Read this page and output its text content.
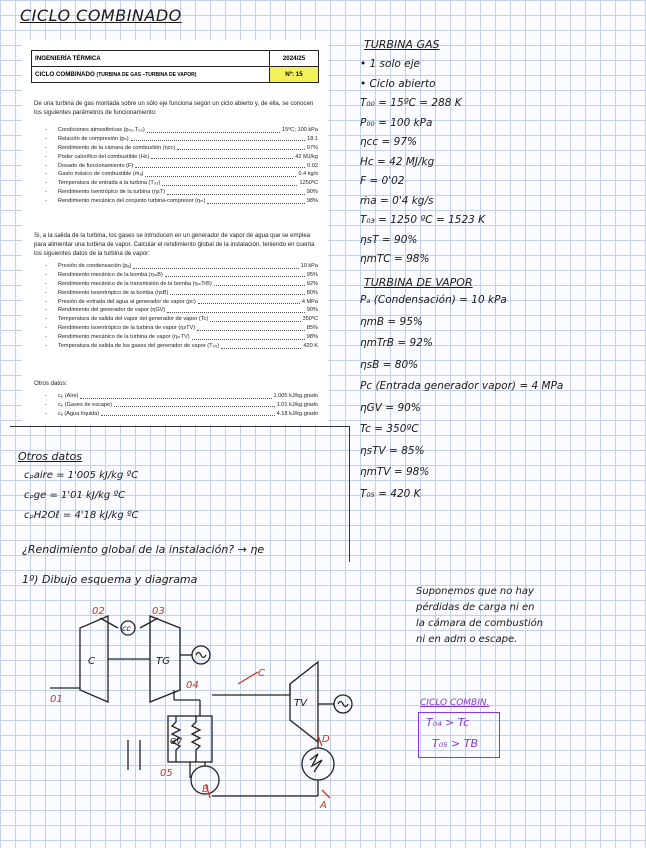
CICLO COMBINADO
INGENIERÍA TÉRMICA	2024/25
CICLO COMBINADO (TURBINA DE GAS –TURBINA DE VAPOR)	Nº: 15
De una turbina de gas montada sobre un sólo eje funciona según un ciclo abierto y, de ella, se conocen los siguientes parámetros de funcionamiento:
-	Condiciones atmosféricas (p₀₀,T₀₀)	15ºC; 100 kPa
-	Relación de compresión (pₙ)	18:1
-	Rendimiento de la cámara de combustión (ηcc)	97%
-	Poder calorífico del combustible (Hc)	42 MJ/kg
-	Dosado de funcionamiento (F)	0.02
-	Gasto másico de combustible (ṁₐ)	0.4 kg/s
-	Temperatura de entrada a la turbina (T₀₃)	1250ºC
-	Rendimiento isentrópico de la turbina (ηsT)	90%
-	Rendimiento mecánico del conjunto turbina-compresor (ηₘ)	98%
Si, a la salida de la turbina, los gases se introducen en un generador de vapor de agua que se emplea para alimentar una turbina de vapor. Calcular el rendimiento global de la instalación, teniendo en cuenta los siguientes datos de la turbina de vapor:
-	Presión de condensación (pₐ)	10 kPa
-	Rendimiento mecánico de la bomba (ηₘB)	95%
-	Rendimiento mecánico de la transmisión de la bomba (ηₘTrB)	92%
-	Rendimiento isoentrópico de la bomba (ηsB)	80%
-	Presión de entrada del agua al generador de vapor (pc)	4 MPa
-	Rendimiento del generador de vapor (ηGV)	90%
-	Temperatura de salida del vapor del generador de vapor (Tc)	350ºC
-	Rendimiento isoentrópico de la turbina de vapor (ηsTV)	85%
-	Rendimiento mecánico de la turbina de vapor (ηₘTV)	98%
-	Temperatura de salida de los gases del generador de vapor (T₀₅)	420 K
Otros datos:
-	cₚ (Aire)	1.005 kJ/kg.grado
-	cₚ (Gases de escape)	1.01 kJ/kg.grado
-	cₑ (Agua líquida)	4.18 kJ/kg.grado
TURBINA GAS
• 1 solo eje
• Ciclo abierto
T₀₀ = 15ºC = 288 K
P₀₀ = 100 kPa
ηcc = 97%
Hc = 42 MJ/kg
F = 0'02
ṁa = 0'4 kg/s
T₀₃ = 1250 ºC = 1523 K
ηsT = 90%
ηmTC = 98%
TURBINA DE VAPOR
Pₐ (Condensación) = 10 kPa
ηmB = 95%
ηmTrB = 92%
ηsB = 80%
Pc (Entrada generador vapor) = 4 MPa
ηGV = 90%
Tc = 350ºC
ηsTV = 85%
ηmTV = 98%
T₀₅ = 420 K
Otros datos
cₚaire = 1'005 kJ/kg ºC
cₚge = 1'01 kJ/kg ºC
cₚH2Oℓ = 4'18 kJ/kg ºC
¿Rendimiento global de la instalación? → ηe
1º) Dibujo esquema y diagrama
Suponemos que no hay
pérdidas de carga ni en
la cámara de combustión
ni en adm o escape.
CICLO COMBIN.
T₀₄ > Tc
T₀₅ > TB
C	TG
cc
TV
GV
01
02	03
04
05
C
D
B
A
